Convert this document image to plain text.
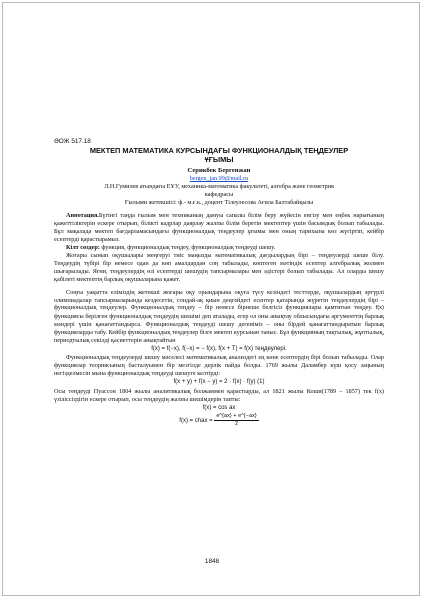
ӘОЖ 517.18
МЕКТЕП МАТЕМАТИКА КУРСЫНДАҒЫ ФУНКЦИОНАЛДЫҚ ТЕҢДЕУЛЕР
ҰҒЫМЫ
Серикбек Бергенжан
bergen_jan.99@mail.ru
Л.Н.Гумилев атындағы ЕҰУ, механика-математика факультеті, алгебра және геометрия
кафедрасы
Ғылыми жетекшісі: ф.- м.ғ.к., доцент Тілеулесова Ағила Балтабайқызы

Аннотация.Бүгінгі таңда ғылым мен техниканың дамуы сапалы білім беру жүйесін енгізу мен еңбек нарығының қажеттіліктерін ескере отырып, білікті кадрлар даярлау жалпы білім беретін мектептер үшін басымдық болып табылады. Бұл мақалада мектеп бағдарламасындағы функционалдық теңдеулер ұғымы мен оның тарихына көз жүгіртіп, кейбір есептерді қарастырамыз.

Кілт сөздер: функция, функционалдық теңдеу, функционалдық теңдеуді шешу.

Жоғары сынып оқушылары меңгеруі тиіс маңызды математикалық дағдылардың бірі – теңдеулерді шеше білу. Теңдеудің түбірі бір немесе одан да көп амалдардан соң табылады, көптеген мәтіндік есептер алгебралық жолмен шығарылады. Яғни, теңдеулердің өзі есептерді шешудің тапсырмалары мен әдістері болып табылады. Ал оларды шешу қабілеті мектептің барлық оқушыларына қажет.

Соңғы уақытта еліміздің жетекші жоғары оқу орындарына оқуға түсу кезіндегі тесттерде, оқушылардың әртүрлі олимпиадалар тапсырмаларында кездесетін, сондай-ақ қиын деңгейдегі есептер қатарында жүретін теңдеулердің бірі – функционалдық теңдеулер. Функционалдық теңдеу – бір немесе бірнеше белгісіз функциялары қамтитын теңдеу. f(x) функциясы берілген функционалдық теңдеудің шешімі деп аталады, егер ол оны анықтау облысындағы аргументтің барлық мәндері үшін қанағаттандырса. Функционалдық теңдеуді шешу дегеніміз – оны бірдей қанағаттандыратын барлық функцияларды табу. Кейбір функционалдық теңдеулер бізге мектеп курсынан таныс. Бұл функцияның тақтылық, жұптылық, периодтылық секілді қасиеттерін анықтайтын

f(x) = f(−x), f(−x) = − f(x), f(x + T) = f(x) теңдеулері.

Функционалдық теңдеулерді шешу мәселесі математикалық анализдегі ең көне есептердің бірі болып табылады. Олар функциялар теориясының басталуымен бір мезгілде дерлік пайда болды. 1769 жылы Даламбер күш қосу заңының негізделмесін мына функционалдық теңдеуді шешуге келтірді:

f(x + y) + f(x − y) = 2 · f(x) · f(y) (1)

Осы теңдеуді Пуассон 1804 жылы аналитикалық болжаммен қарастырды, ал 1821 жылы Коши(1789 – 1857) тек f(x) үзіліссіздігін ескере отырып, осы теңдеудің жалпы шешімдерін тапты:

f(x) = cos ax
f(x) = chax = $\frac{e\^{}\{ax\} + e\^{}\{-ax\}}{2}$
1848
